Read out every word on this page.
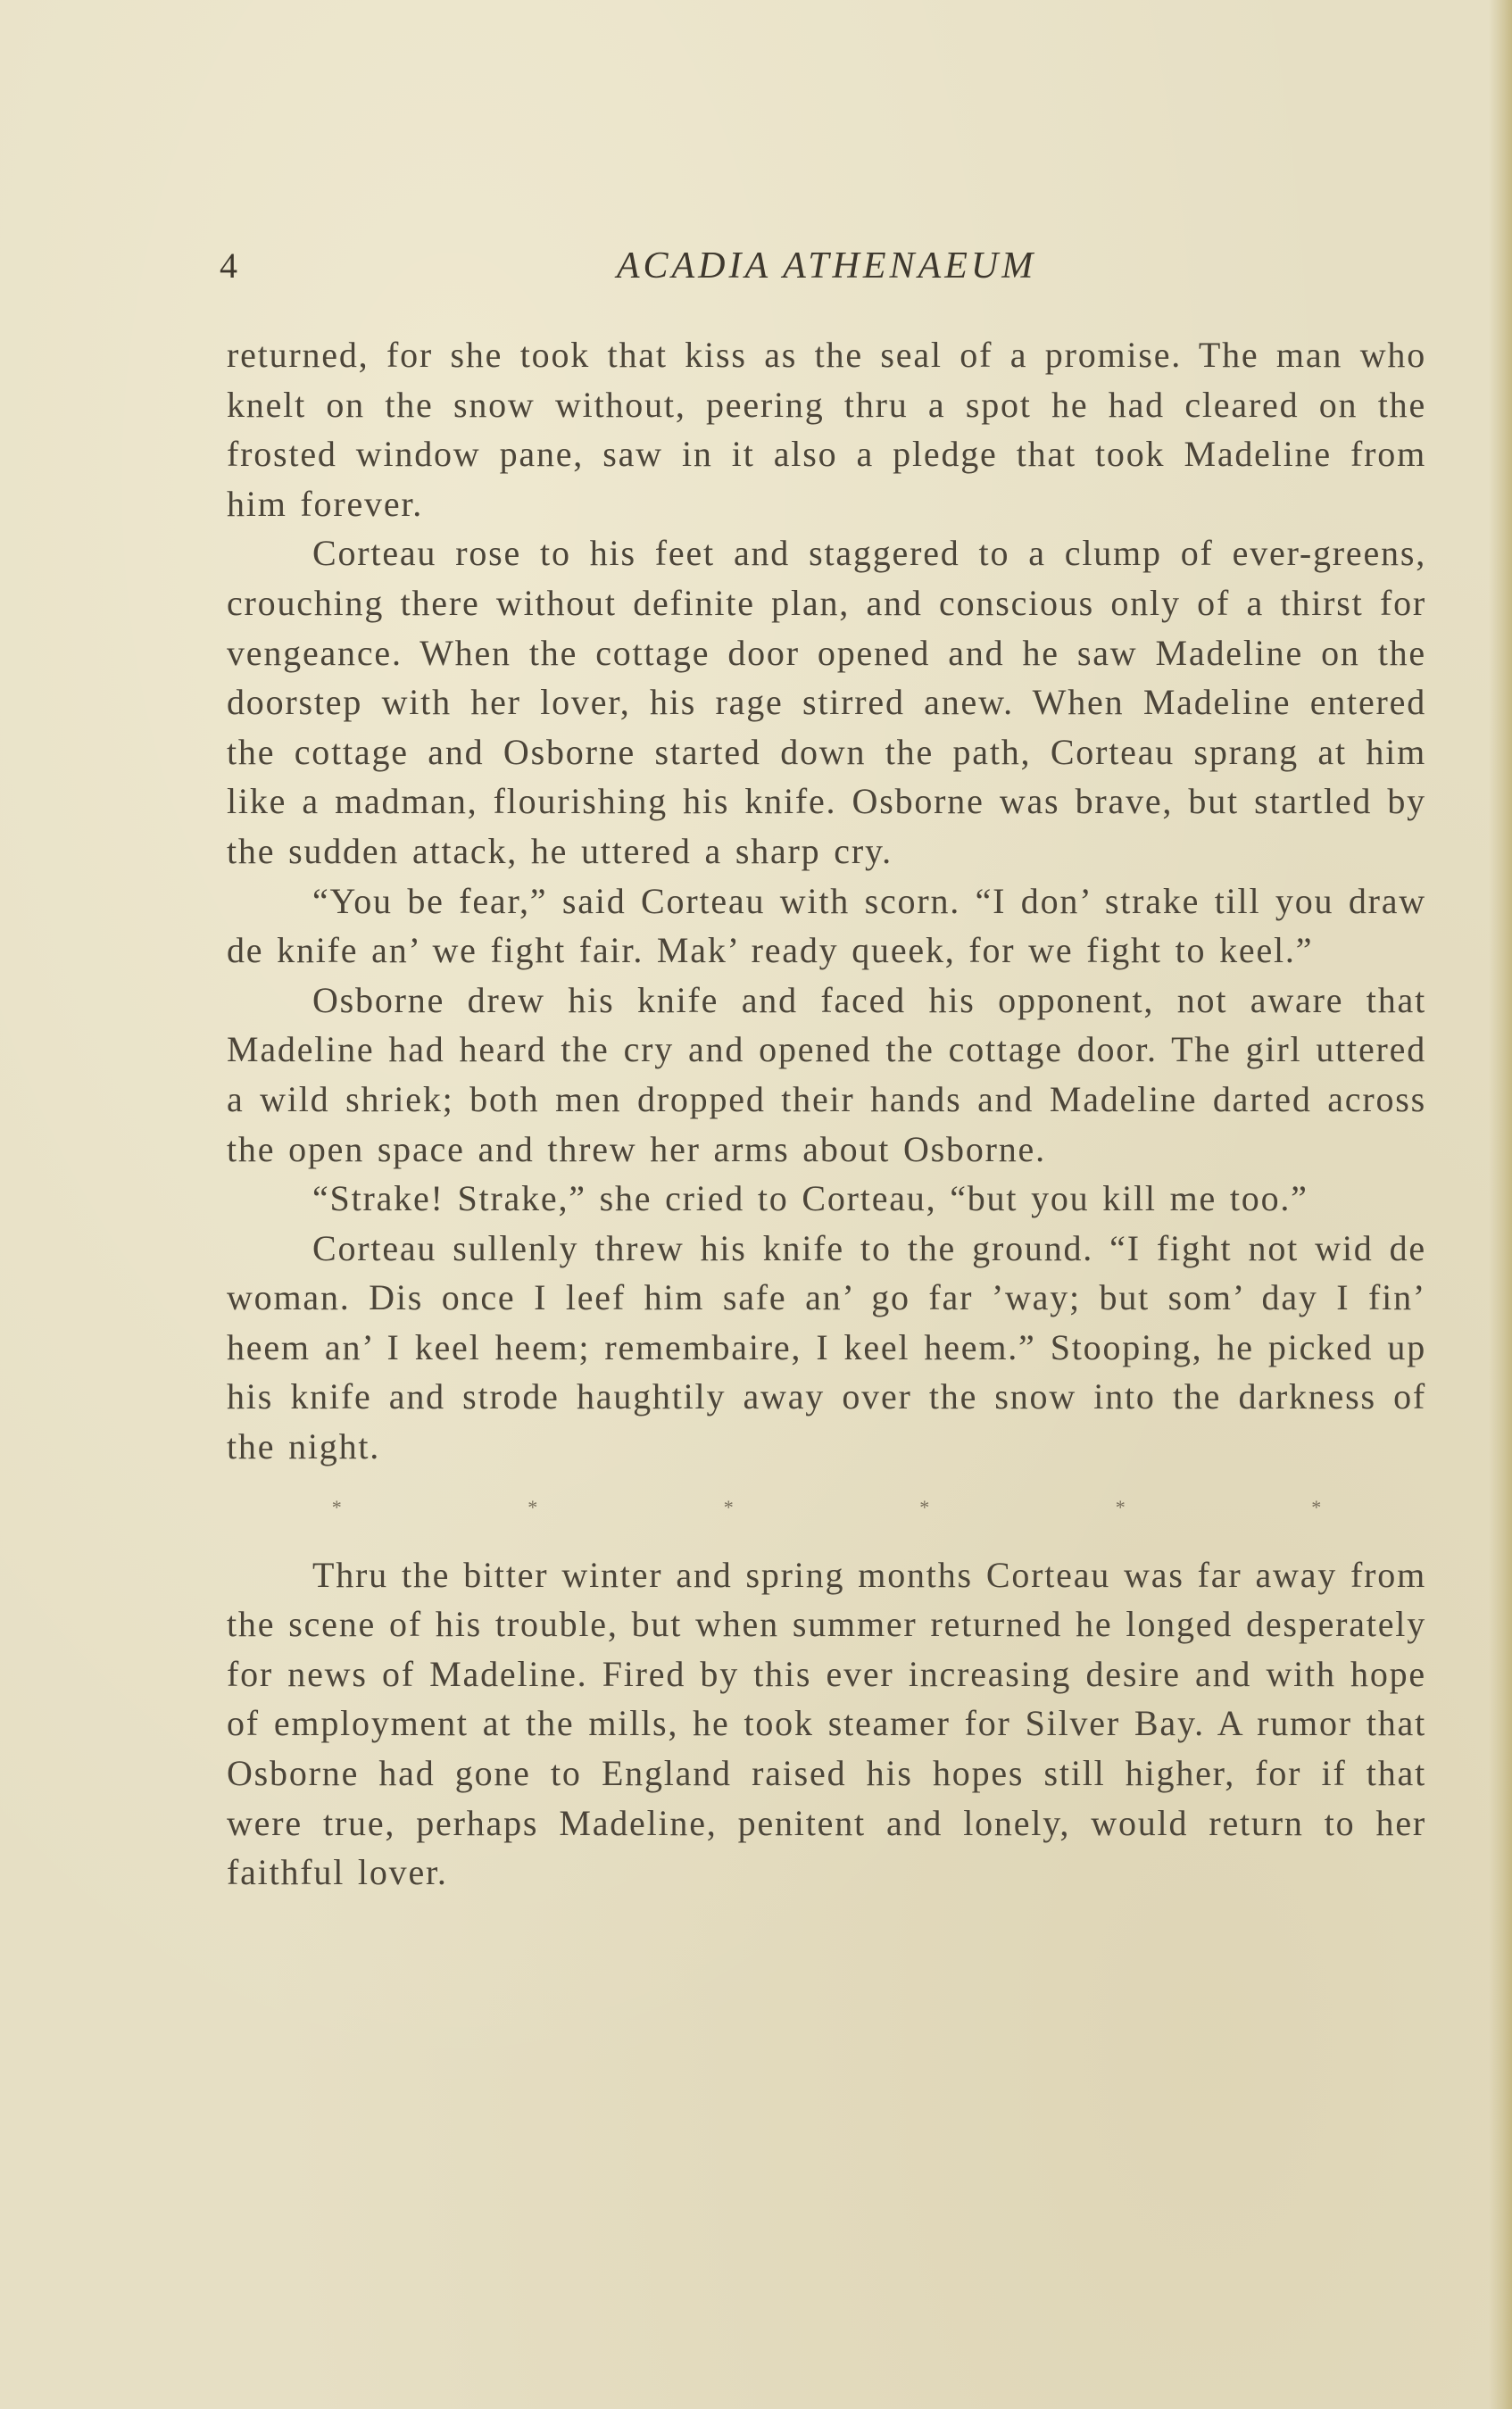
4	ACADIA ATHENAEUM

returned, for she took that kiss as the seal of a promise. The man who knelt on the snow without, peering thru a spot he had cleared on the frosted window pane, saw in it also a pledge that took Madeline from him forever.

Corteau rose to his feet and staggered to a clump of ever-greens, crouching there without definite plan, and conscious only of a thirst for vengeance. When the cottage door opened and he saw Madeline on the doorstep with her lover, his rage stirred anew. When Madeline entered the cottage and Osborne started down the path, Corteau sprang at him like a madman, flourishing his knife. Osborne was brave, but startled by the sudden attack, he uttered a sharp cry.

“You be fear,” said Corteau with scorn. “I don’ strake till you draw de knife an’ we fight fair. Mak’ ready queek, for we fight to keel.”

Osborne drew his knife and faced his opponent, not aware that Madeline had heard the cry and opened the cottage door. The girl uttered a wild shriek; both men dropped their hands and Madeline darted across the open space and threw her arms about Osborne.

“Strake! Strake,” she cried to Corteau, “but you kill me too.”

Corteau sullenly threw his knife to the ground. “I fight not wid de woman. Dis once I leef him safe an’ go far ’way; but som’ day I fin’ heem an’ I keel heem; remembaire, I keel heem.” Stooping, he picked up his knife and strode haughtily away over the snow into the darkness of the night.

* * * * * *

Thru the bitter winter and spring months Corteau was far away from the scene of his trouble, but when summer returned he longed desperately for news of Madeline. Fired by this ever increasing desire and with hope of employment at the mills, he took steamer for Silver Bay. A rumor that Osborne had gone to England raised his hopes still higher, for if that were true, perhaps Madeline, penitent and lonely, would return to her faithful lover.
